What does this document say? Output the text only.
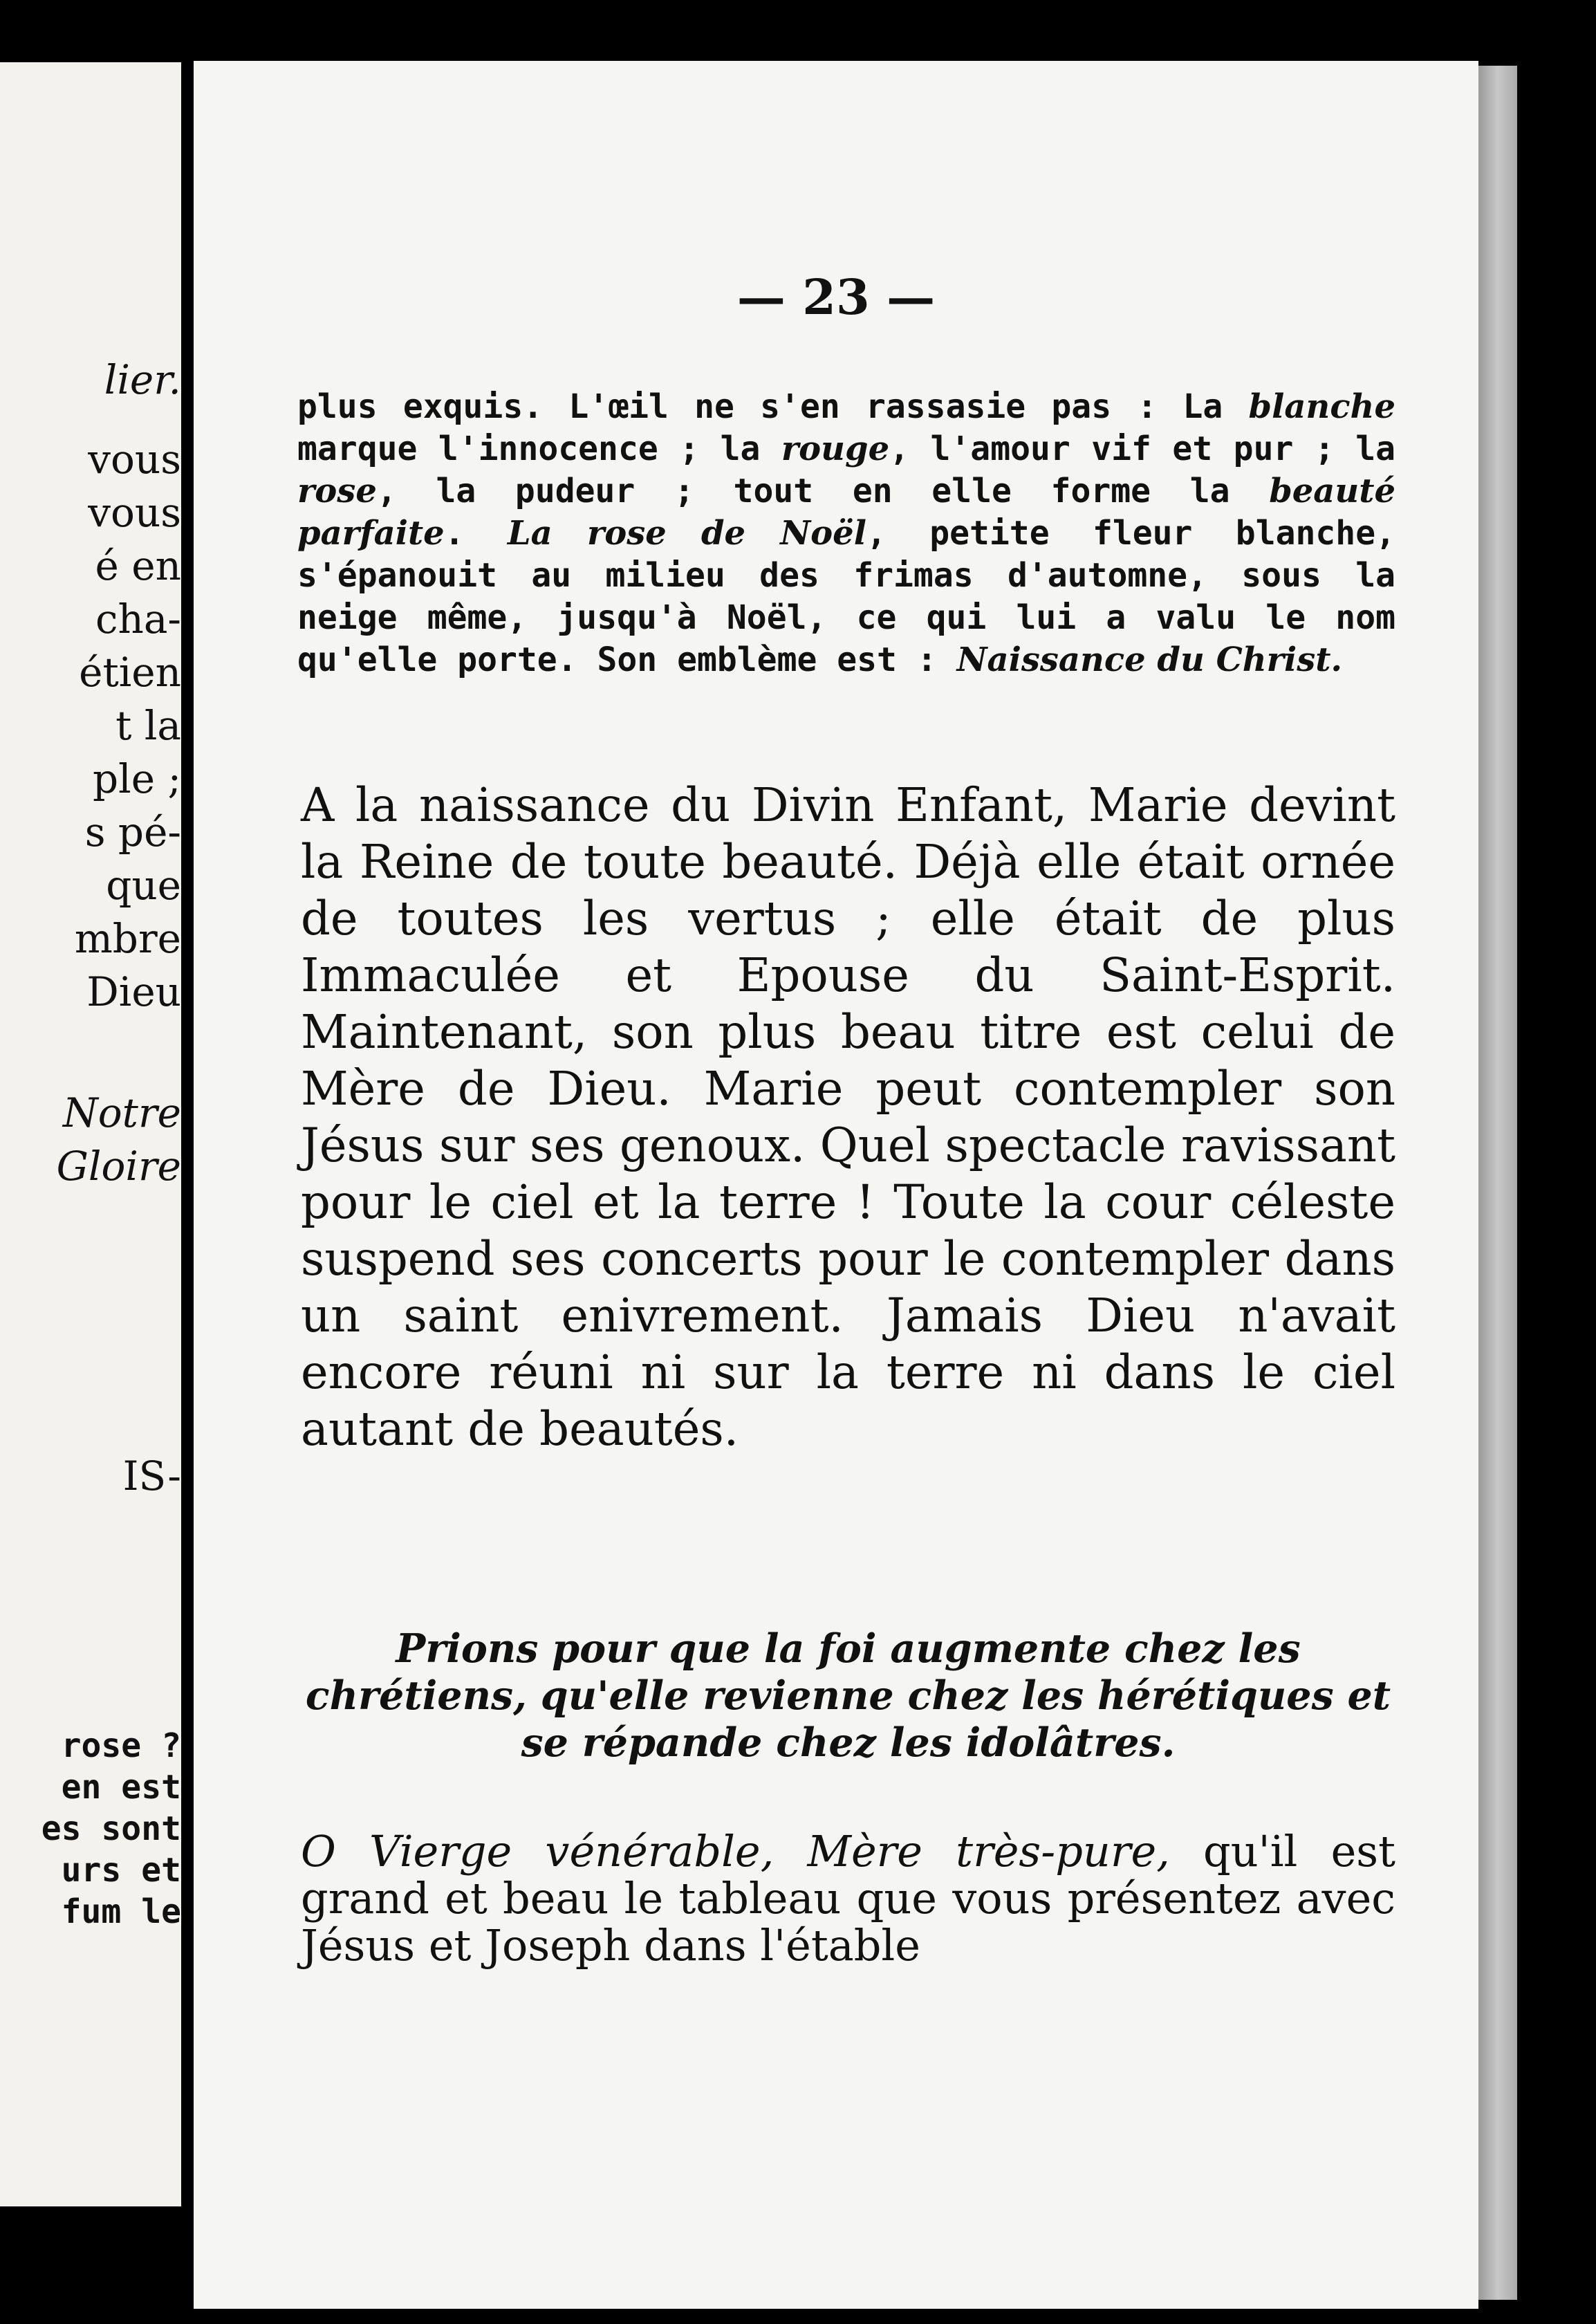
lier.
vous
vous
é en
cha-
étien
t la
ple ;
s pé-
que
mbre
Dieu
Notre
Gloire
IS-
rose ?
en est
es sont
urs et
fum le
— 23 —

plus exquis. L'œil ne s'en rassasie pas : La blanche marque l'innocence ; la rouge, l'amour vif et pur ; la rose, la pudeur ; tout en elle forme la beauté parfaite. La rose de Noël, petite fleur blanche, s'épanouit au milieu des frimas d'automne, sous la neige même, jusqu'à Noël, ce qui lui a valu le nom qu'elle porte. Son emblème est : Naissance du Christ.

A la naissance du Divin Enfant, Marie devint la Reine de toute beauté. Déjà elle était ornée de toutes les vertus ; elle était de plus Immaculée et Epouse du Saint-Esprit. Maintenant, son plus beau titre est celui de Mère de Dieu. Marie peut contempler son Jésus sur ses genoux. Quel spectacle ravissant pour le ciel et la terre ! Toute la cour céleste suspend ses concerts pour le contempler dans un saint enivrement. Jamais Dieu n'avait encore réuni ni sur la terre ni dans le ciel autant de beautés.

Prions pour que la foi augmente chez les chrétiens, qu'elle revienne chez les hérétiques et se répande chez les idolâtres.

O Vierge vénérable, Mère très-pure, qu'il est grand et beau le tableau que vous présentez avec Jésus et Joseph dans l'étable
